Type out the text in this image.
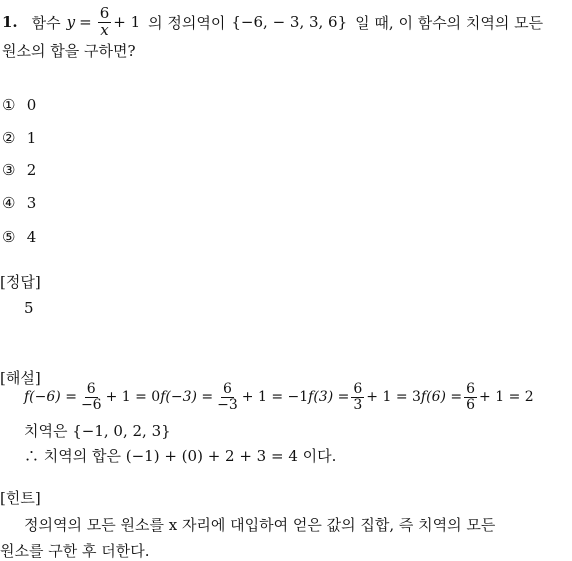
1. 함수 $y = \frac{6}{x} + 1$ 의 정의역이 {−6, − 3, 3, 6} 일 때, 이 함수의 치역의 모든
원소의 합을 구하면?
① 0
② 1
③ 2
④ 3
⑤ 4
[정답]
5
[해설]
$f(-6) = \frac{6}{-6} + 1 = 0$ $f(-3) = \frac{6}{-3} + 1 = -1$ $f(3) = \frac{6}{3} + 1 = 3$ $f(6) = \frac{6}{6} + 1 = 2$
치역은 {−1, 0, 2, 3}
∴ 치역의 합은 (−1) + (0) + 2 + 3 = 4 이다.
[힌트]
정의역의 모든 원소를 x 자리에 대입하여 얻은 값의 집합, 즉 치역의 모든
원소를 구한 후 더한다.
